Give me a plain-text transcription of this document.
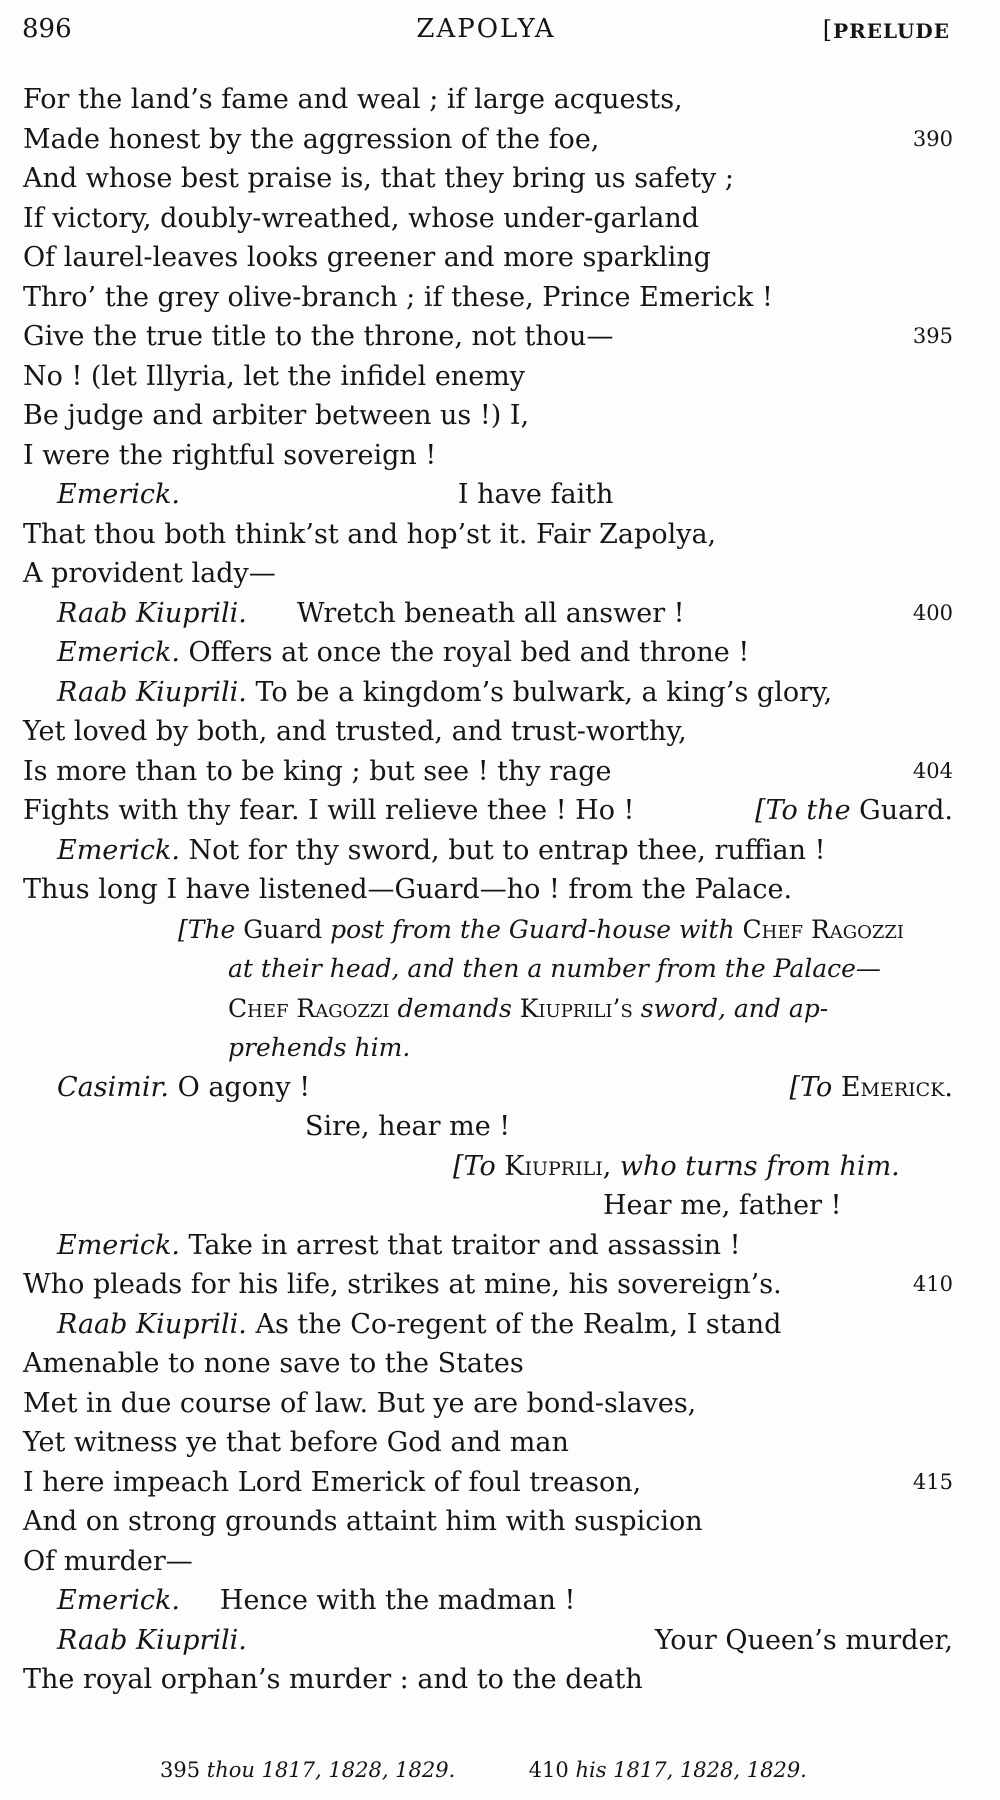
896	ZAPOLYA	[PRELUDE
For the land’s fame and weal ; if large acquests,
Made honest by the aggression of the foe,	390
And whose best praise is, that they bring us safety ;
If victory, doubly-wreathed, whose under-garland
Of laurel-leaves looks greener and more sparkling
Thro’ the grey olive-branch ; if these, Prince Emerick !
Give the true title to the throne, not thou—	395
No ! (let Illyria, let the infidel enemy
Be judge and arbiter between us !) I,
I were the rightful sovereign !
Emerick.	I have faith
That thou both think’st and hop’st it. Fair Zapolya,
A provident lady—
Raab Kiuprili. Wretch beneath all answer !	400
Emerick. Offers at once the royal bed and throne !
Raab Kiuprili. To be a kingdom’s bulwark, a king’s glory,
Yet loved by both, and trusted, and trust-worthy,
Is more than to be king ; but see ! thy rage	404
Fights with thy fear. I will relieve thee ! Ho !	[To the Guard.
Emerick. Not for thy sword, but to entrap thee, ruffian !
Thus long I have listened—Guard—ho ! from the Palace.
[The Guard post from the Guard-house with Chef Ragozzi
at their head, and then a number from the Palace—
Chef Ragozzi demands Kiuprili’s sword, and ap-
prehends him.
Casimir. O agony !	[To Emerick.
Sire, hear me !
[To Kiuprili, who turns from him.
Hear me, father !
Emerick. Take in arrest that traitor and assassin !
Who pleads for his life, strikes at mine, his sovereign’s.	410
Raab Kiuprili. As the Co-regent of the Realm, I stand
Amenable to none save to the States
Met in due course of law. But ye are bond-slaves,
Yet witness ye that before God and man
I here impeach Lord Emerick of foul treason,	415
And on strong grounds attaint him with suspicion
Of murder—
Emerick. Hence with the madman !
Raab Kiuprili.	Your Queen’s murder,
The royal orphan’s murder : and to the death
395 thou 1817, 1828, 1829.	410 his 1817, 1828, 1829.
